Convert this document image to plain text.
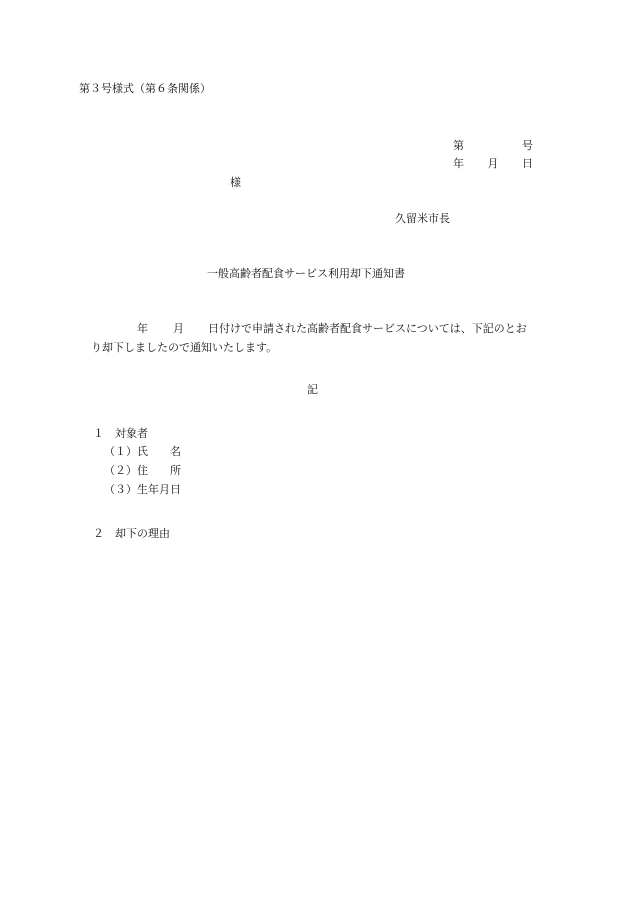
第３号様式（第６条関係）
第	号
年 月 日
様
久留米市長
一般高齢者配食サービス利用却下通知書
年 月 日付けで申請された高齢者配食サービスについては、下記のとお
り却下しましたので通知いたします。
記
１　対象者
（１）氏 名
（２）住 所
（３）生年月日
２　却下の理由
